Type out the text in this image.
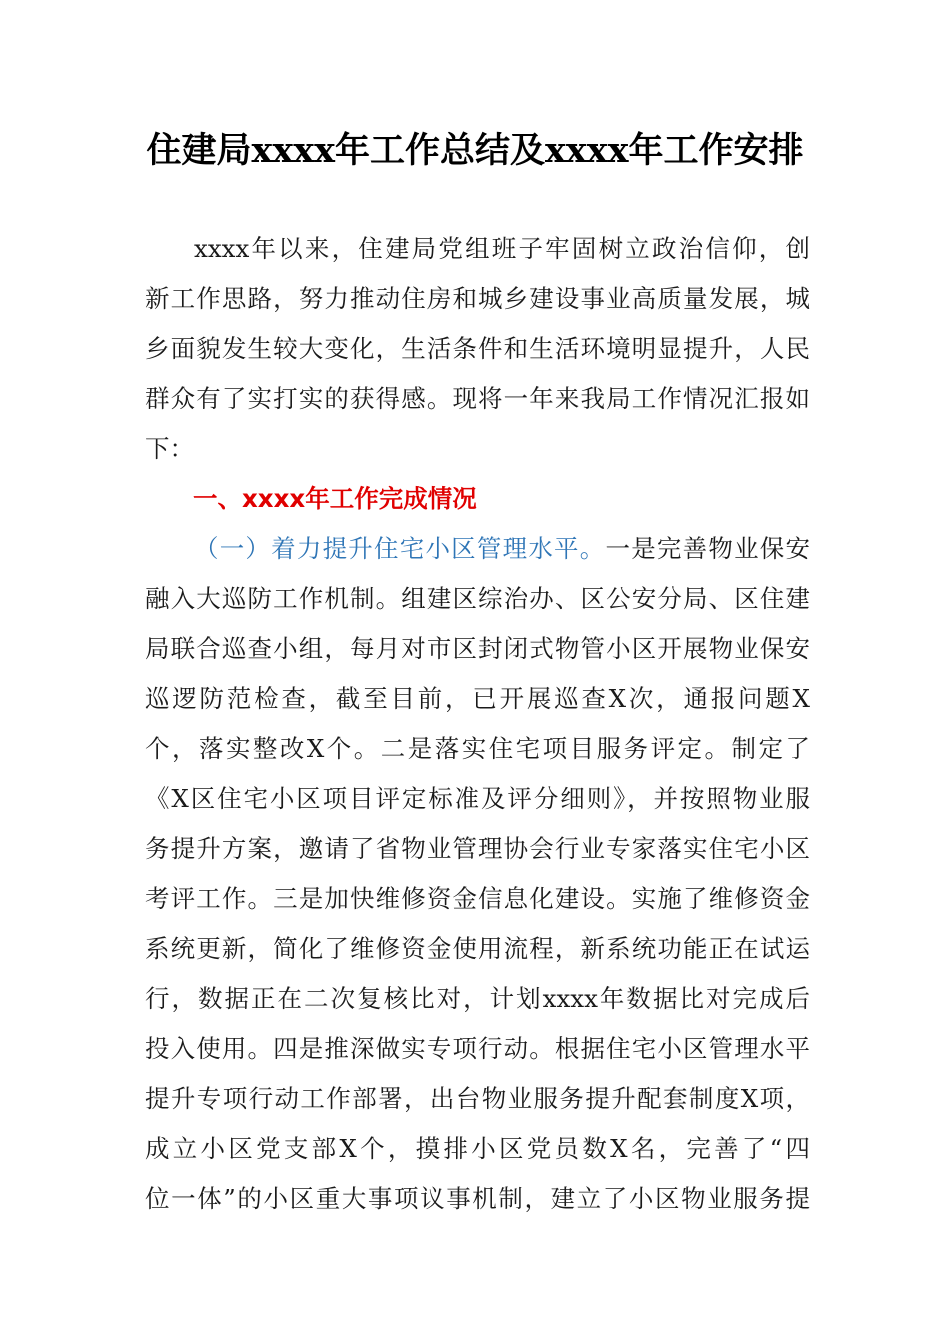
住建局xxxx年工作总结及xxxx年工作安排
xxxx年以来，住建局党组班子牢固树立政治信仰，创
新工作思路，努力推动住房和城乡建设事业高质量发展，城
乡面貌发生较大变化，生活条件和生活环境明显提升，人民
群众有了实打实的获得感。现将一年来我局工作情况汇报如
下：
一、xxxx年工作完成情况
（一）着力提升住宅小区管理水平。一是完善物业保安
融入大巡防工作机制。组建区综治办、区公安分局、区住建
局联合巡查小组，每月对市区封闭式物管小区开展物业保安
巡逻防范检查，截至目前，已开展巡查X次，通报问题X
个，落实整改X个。二是落实住宅项目服务评定。制定了
《X区住宅小区项目评定标准及评分细则》，并按照物业服
务提升方案，邀请了省物业管理协会行业专家落实住宅小区
考评工作。三是加快维修资金信息化建设。实施了维修资金
系统更新，简化了维修资金使用流程，新系统功能正在试运
行，数据正在二次复核比对，计划xxxx年数据比对完成后
投入使用。四是推深做实专项行动。根据住宅小区管理水平
提升专项行动工作部署，出台物业服务提升配套制度X项，
成立小区党支部X个，摸排小区党员数X名，完善了“四
位一体”的小区重大事项议事机制，建立了小区物业服务提
